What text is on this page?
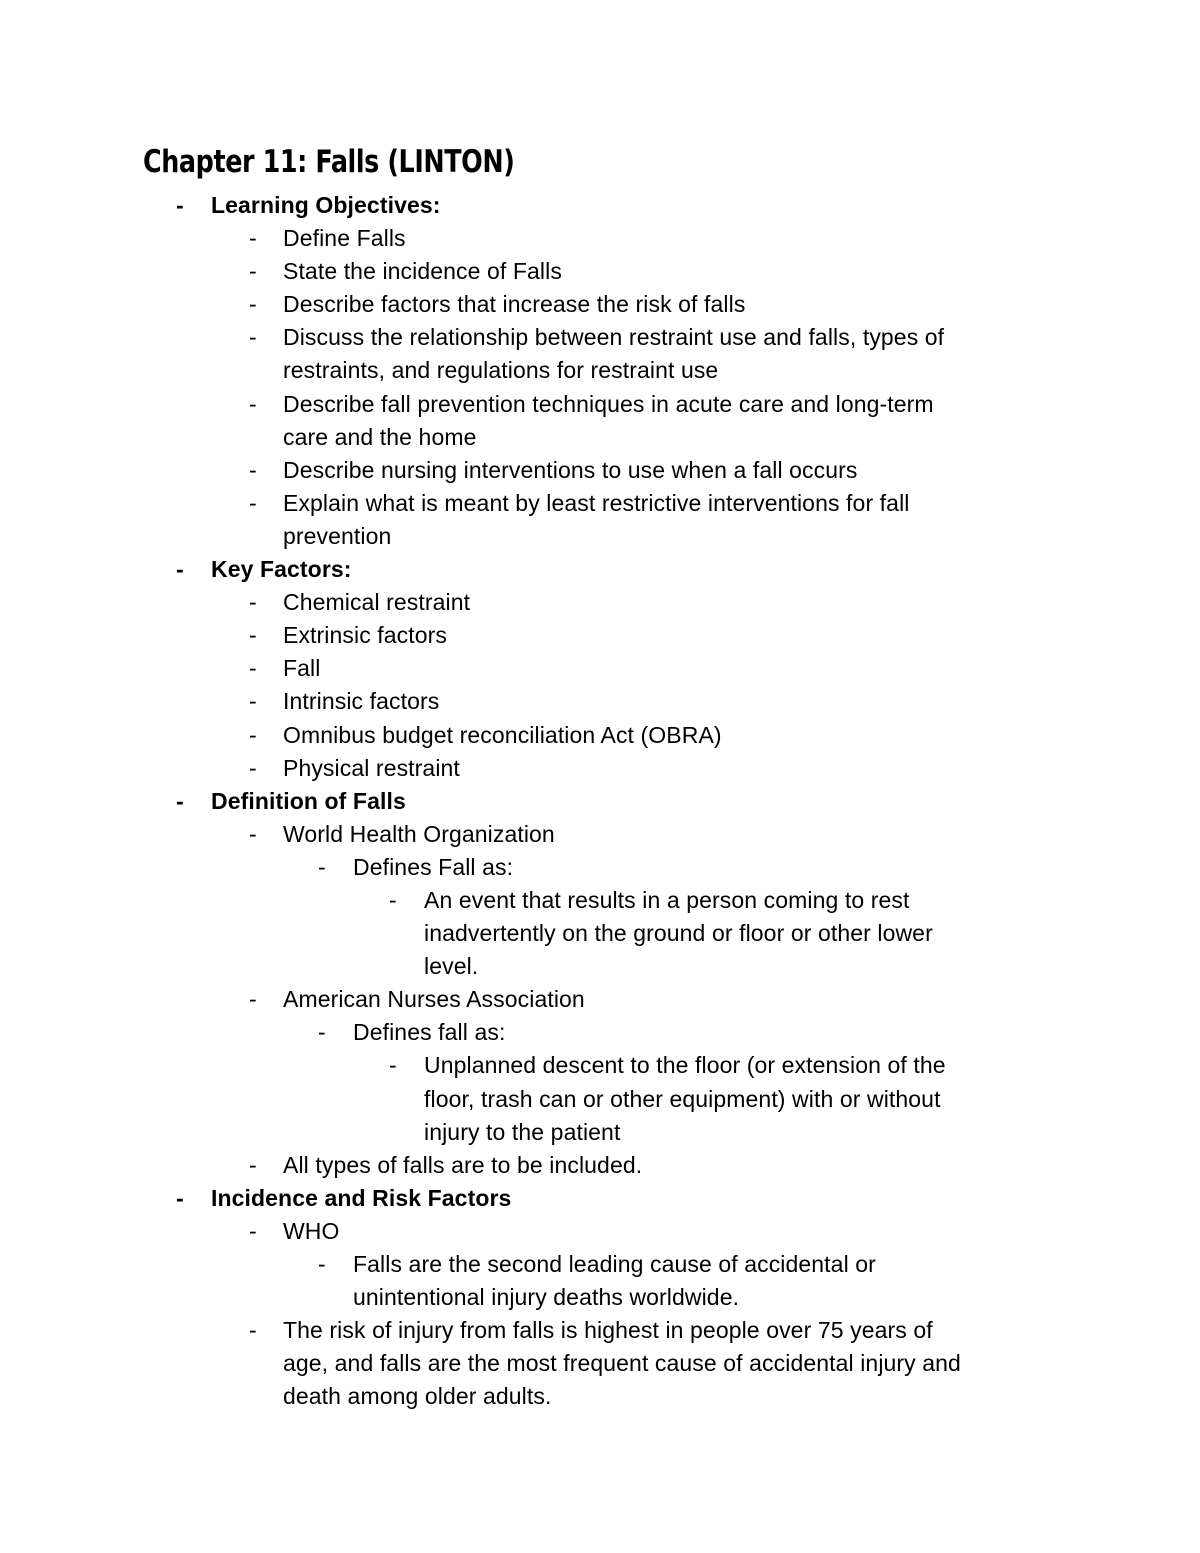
Chapter 11: Falls (LINTON)
- Learning Objectives:
- Define Falls
- State the incidence of Falls
- Describe factors that increase the risk of falls
- Discuss the relationship between restraint use and falls, types of
restraints, and regulations for restraint use
- Describe fall prevention techniques in acute care and long-term
care and the home
- Describe nursing interventions to use when a fall occurs
- Explain what is meant by least restrictive interventions for fall
prevention
- Key Factors:
- Chemical restraint
- Extrinsic factors
- Fall
- Intrinsic factors
- Omnibus budget reconciliation Act (OBRA)
- Physical restraint
- Definition of Falls
- World Health Organization
- Defines Fall as:
- An event that results in a person coming to rest
inadvertently on the ground or floor or other lower
level.
- American Nurses Association
- Defines fall as:
- Unplanned descent to the floor (or extension of the
floor, trash can or other equipment) with or without
injury to the patient
- All types of falls are to be included.
- Incidence and Risk Factors
- WHO
- Falls are the second leading cause of accidental or
unintentional injury deaths worldwide.
- The risk of injury from falls is highest in people over 75 years of
age, and falls are the most frequent cause of accidental injury and
death among older adults.
